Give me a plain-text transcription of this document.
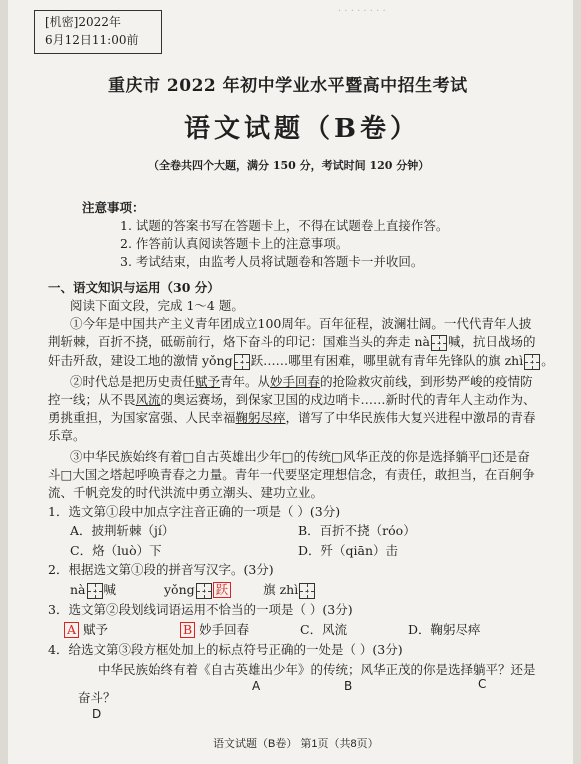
[机密]2022年
6月12日11:00前
· · · · · · · ·
重庆市 2022 年初中学业水平暨高中招生考试
语文试题（B卷）
（全卷共四个大题，满分 150 分，考试时间 120 分钟）
注意事项：
1. 试题的答案书写在答题卡上，不得在试题卷上直接作答。
2. 作答前认真阅读答题卡上的注意事项。
3. 考试结束，由监考人员将试题卷和答题卡一并收回。
一、语文知识与运用（30 分）
阅读下面文段，完成 1～4 题。
①今年是中国共产主义青年团成立100周年。百年征程，波澜壮阔。一代代青年人披
荆斩棘，百折不挠，砥砺前行，烙下奋斗的印记：国难当头的奔走 nà 喊，抗日战场的
奸击歼敌，建设工地的激情 yǒng 跃……哪里有困难，哪里就有青年先锋队的旗 zhì 。
②时代总是把历史责任赋予青年。从妙手回春的抢险救灾前线，到形势严峻的疫情防
控一线；从不畏风流的奥运赛场，到保家卫国的戍边哨卡……新时代的青年人主动作为、
勇挑重担，为国家富强、人民幸福鞠躬尽瘁，谱写了中华民族伟大复兴进程中激昂的青春
乐章。
③中华民族始终有着□自古英雄出少年□的传统□风华正茂的你是选择躺平□还是奋
斗□大国之塔起呼唤青春之力量。青年一代要坚定理想信念，有责任，敢担当，在百舸争
流、千帆竞发的时代洪流中勇立潮头、建功立业。
1．选文第①段中加点字注音正确的一项是（ ）(3分)
A．披荆斩棘（jí）	B．百折不挠（róo）
C．烙（luò）下	D．歼（qiān）击
2．根据选文第①段的拼音写汉字。(3分)
nà 喊	yǒng 跃	旗 zhì
3．选文第②段划线词语运用不恰当的一项是（ ）(3分)
A 赋予	B 妙手回春	C．风流	D．鞠躬尽瘁
4．给选文第③段方框处加上的标点符号正确的一处是（ ）(3分)
中华民族始终有着《自古英雄出少年》的传统；风华正茂的你是选择躺平？还是
A	B	C
奋斗？
D
语文试题（B卷） 第1页（共8页）
